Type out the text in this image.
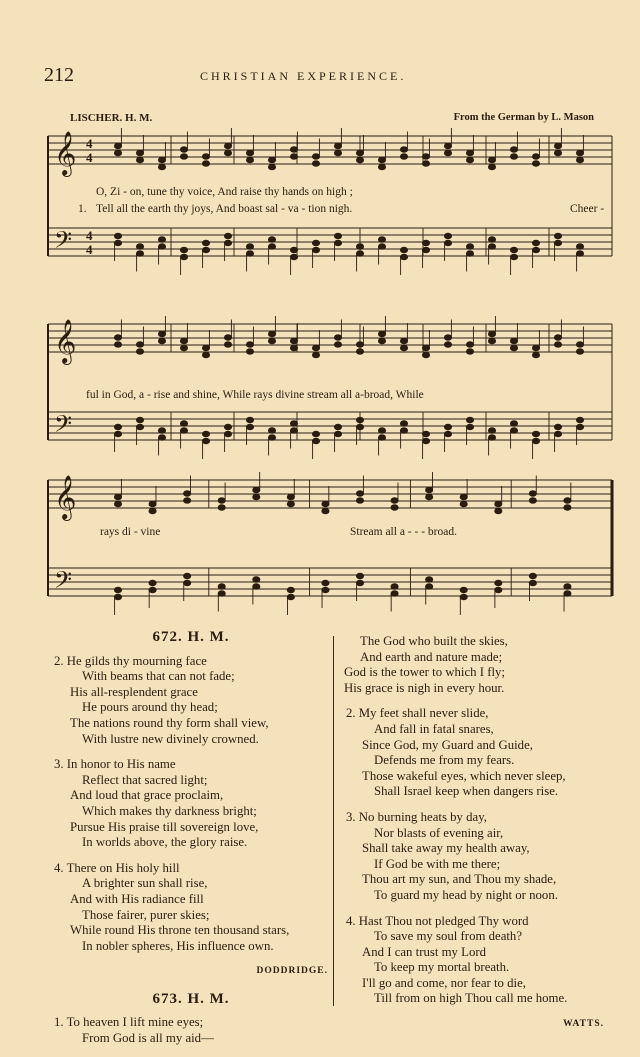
212	CHRISTIAN EXPERIENCE.
LISCHER. H. M.	From the German by L. Mason
𝄞
𝄢
𝄞
𝄢
𝄞
𝄢
4
4
4
4
1.
O, Zi - on, tune thy voice, And raise thy hands on high ;
Tell all the earth thy joys, And boast sal - va - tion nigh.	Cheer -
ful in God, a - rise and shine, While rays divine stream all a-broad, While
rays di - vine	Stream all a - - - broad.
672. H. M.
2. He gilds thy mourning face
With beams that can not fade;
His all-resplendent grace
He pours around thy head;
The nations round thy form shall view,
With lustre new divinely crowned.
3. In honor to His name
Reflect that sacred light;
And loud that grace proclaim,
Which makes thy darkness bright;
Pursue His praise till sovereign love,
In worlds above, the glory raise.
4. There on His holy hill
A brighter sun shall rise,
And with His radiance fill
Those fairer, purer skies;
While round His throne ten thousand stars,
In nobler spheres, His influence own.
DODDRIDGE.
673. H. M.
1. To heaven I lift mine eyes;
From God is all my aid—
The God who built the skies,
And earth and nature made;
God is the tower to which I fly;
His grace is nigh in every hour.
2. My feet shall never slide,
And fall in fatal snares,
Since God, my Guard and Guide,
Defends me from my fears.
Those wakeful eyes, which never sleep,
Shall Israel keep when dangers rise.
3. No burning heats by day,
Nor blasts of evening air,
Shall take away my health away,
If God be with me there;
Thou art my sun, and Thou my shade,
To guard my head by night or noon.
4. Hast Thou not pledged Thy word
To save my soul from death?
And I can trust my Lord
To keep my mortal breath.
I'll go and come, nor fear to die,
Till from on high Thou call me home.
WATTS.
